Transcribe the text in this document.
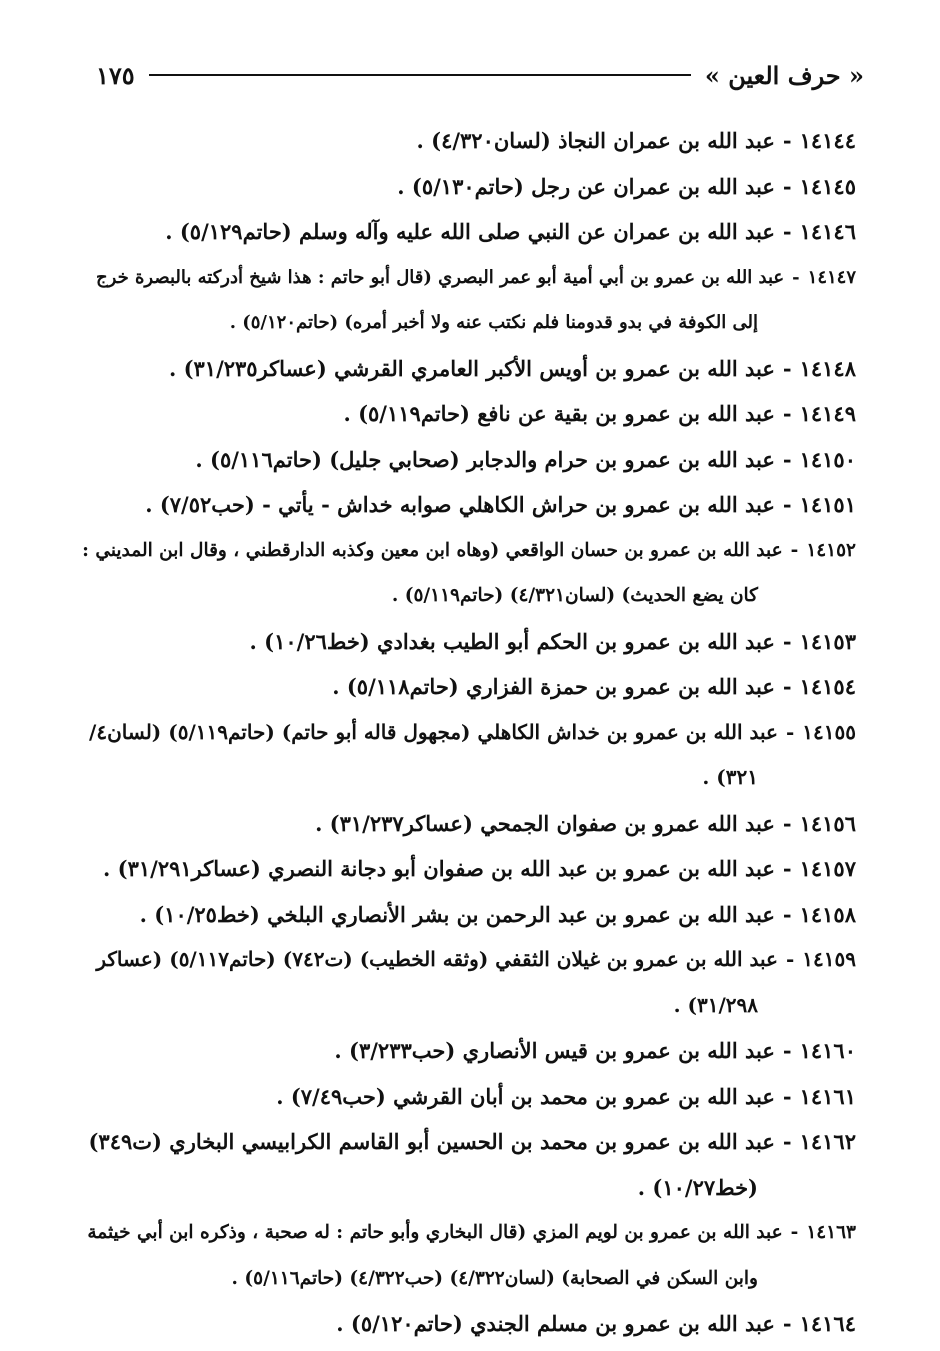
« حرف العين »
١٧٥
١٤١٤٤-عبد الله بن عمران النجاذ (لسان٤/٣٢٠) .
١٤١٤٥-عبد الله بن عمران عن رجل (حاتم٥/١٣٠) .
١٤١٤٦-عبد الله بن عمران عن النبي صلى الله عليه وآله وسلم (حاتم٥/١٢٩) .
١٤١٤٧-عبد الله بن عمرو بن أبي أمية أبو عمر البصري (قال أبو حاتم : هذا شيخ أدركته بالبصرة خرج
إلى الكوفة في بدو قدومنا فلم نكتب عنه ولا أخبر أمره) (حاتم٥/١٢٠) .
١٤١٤٨-عبد الله بن عمرو بن أويس الأكبر العامري القرشي (عساكر٣١/٢٣٥) .
١٤١٤٩-عبد الله بن عمرو بن بقية عن نافع (حاتم٥/١١٩) .
١٤١٥٠-عبد الله بن عمرو بن حرام والدجابر (صحابي جليل) (حاتم٥/١١٦) .
١٤١٥١-عبد الله بن عمرو بن حراش الكاهلي صوابه خداش - يأتي - (حب٧/٥٢) .
١٤١٥٢-عبد الله بن عمرو بن حسان الواقعي (وهاه ابن معين وكذبه الدارقطني ، وقال ابن المديني :
كان يضع الحديث) (لسان٤/٣٢١) (حاتم٥/١١٩) .
١٤١٥٣-عبد الله بن عمرو بن الحكم أبو الطيب بغدادي (خط١٠/٢٦) .
١٤١٥٤-عبد الله بن عمرو بن حمزة الفزاري (حاتم٥/١١٨) .
١٤١٥٥-عبد الله بن عمرو بن خداش الكاهلي (مجهول قاله أبو حاتم) (حاتم٥/١١٩) (لسان٤/
٣٢١) .
١٤١٥٦-عبد الله عمرو بن صفوان الجمحي (عساكر٣١/٢٣٧) .
١٤١٥٧-عبد الله بن عمرو بن عبد الله بن صفوان أبو دجانة النصري (عساكر٣١/٢٩١) .
١٤١٥٨-عبد الله بن عمرو بن عبد الرحمن بن بشر الأنصاري البلخي (خط١٠/٢٥) .
١٤١٥٩-عبد الله بن عمرو بن غيلان الثقفي (وثقه الخطيب) (ت٧٤٢) (حاتم٥/١١٧) (عساكر
٣١/٢٩٨) .
١٤١٦٠-عبد الله بن عمرو بن قيس الأنصاري (حب٣/٢٣٣) .
١٤١٦١-عبد الله بن عمرو بن محمد بن أبان القرشي (حب٧/٤٩) .
١٤١٦٢-عبد الله بن عمرو بن محمد بن الحسين أبو القاسم الكرابيسي البخاري (ت٣٤٩)
(خط١٠/٢٧) .
١٤١٦٣-عبد الله بن عمرو بن لويم المزي (قال البخاري وأبو حاتم : له صحبة ، وذكره ابن أبي خيثمة
وابن السكن في الصحابة) (لسان٤/٣٢٢) (حب٤/٣٢٢) (حاتم٥/١١٦) .
١٤١٦٤-عبد الله بن عمرو بن مسلم الجندي (حاتم٥/١٢٠) .
